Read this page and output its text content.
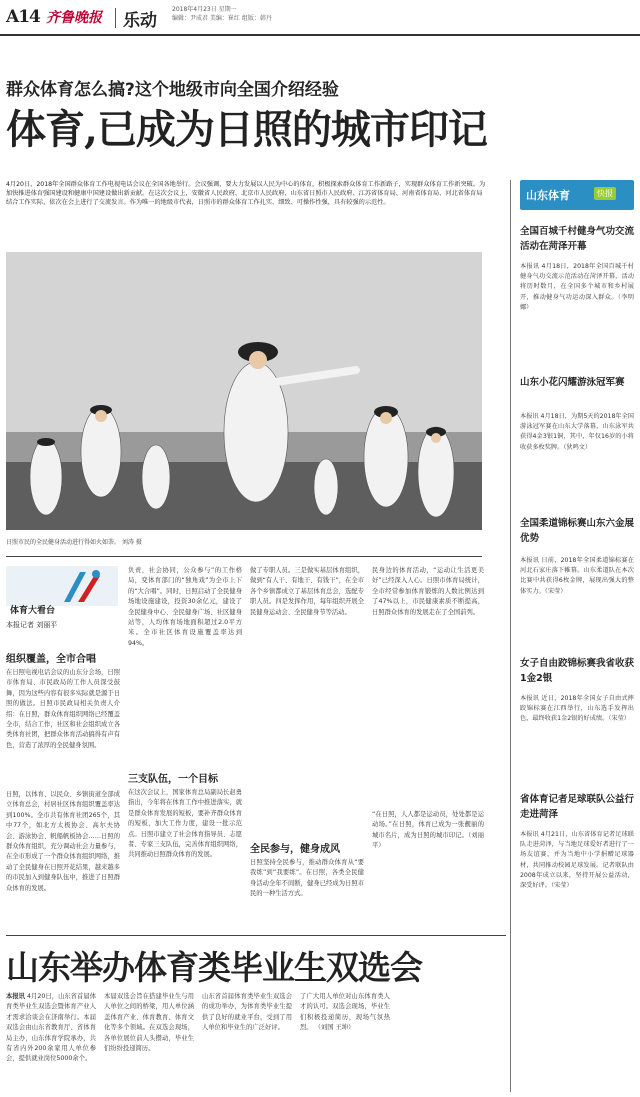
A14 齐鲁晚报 乐动
2018年4月23日 星期一
编辑：尹成君 美编：崔红 组版：韩丹
群众体育怎么搞?这个地级市向全国介绍经验
体育,已成为日照的城市印记
4月20日，2018年全国群众体育工作电视电话会议在全国各地举行。会议强调，要大力发展以人民为中心的体育，积极探索群众体育工作新路子，实现群众体育工作新突破。为加快推进体育强国建设和健康中国建设做出新贡献。在这次会议上，安徽省人民政府、北京市人民政府、山东省日照市人民政府、江苏省体育局、河南省体育局、河北省体育局结合工作实际，依次在会上进行了交流发言。作为唯一的地级市代表，日照市的群众体育工作扎实、细致、可操作性强，具有较强的示范性。
日照市民的全民健身活动进行得如火如荼。 刘涛 摄
体育大看台
本报记者 刘丽平
组织覆盖，全市合唱
在日照电视电话会议的山东分会场，日照市体育局、市民政局的工作人员深受鼓舞，因为这些内容有很多实际就是源于日照的做法。日照市民政局相关负责人介绍：在日照，群众体育组织网络已经覆盖全市，结合工作，社区和社会组织成立各类体育社团，把群众体育活动搞得有声有色，营造了浓厚的全民健身氛围。
日照，以体育、以民众、乡镇街道全部成立体育总会，村居社区体育组织覆盖率达到100%。全市共有体育社团265个，其中77个，如北方太极协会、高尔夫协会、游泳协会、帆船帆板协会……日照的群众体育组织，充分调动社会力量参与，在全市形成了一个群众体育组织网络，推动了全民健身在日照开花结果，越来越多的市民加入到健身队伍中，推进了日照群众体育的发展。
负责，社会协同，公众参与”的工作格局，变体育部门的“独角戏”为全市上下的“大合唱”。同时，日照启动了全民健身场地设施建设，投资30余亿元，建设了全民健身中心、全民健身广场、社区健身站等，人均体育场地面积超过2.0平方米。全市社区体育设施覆盖率达到94%。
三支队伍，一个目标
在这次会议上，国家体育总局副局长赵勇指出，今年将在体育工作中推进落实，就是群众体育发展的短板，要补齐群众体育的短板，加大工作力度，建设一批示范点。日照市建立了社会体育指导员、志愿者、专家三支队伍，完善体育组织网络，共同推动日照群众体育的发展。
做了专职人员。三是做实基层体育组织，做到“有人干、有地干、有钱干”，在全市各个乡镇都成立了基层体育总会，选配专职人员。四是发挥作用，每年组织开展全民健身运动会、全民健身节等活动。
全民参与，健身成风
日照坚持全民参与，推动群众体育从“要我练”到“我要练”。在日照，各类全民健身活动全年不间断，健身已经成为日照市民的一种生活方式。
民身边的体育活动，“运动让生活更美好”已经深入人心。日照市体育局统计，全市经常参加体育锻炼的人数比例达到了47%以上，市民健康素质不断提高，日照群众体育的发展走在了全国前列。
“在日照，人人都是运动员，处处都是运动场。”在日照，体育已成为一张靓丽的城市名片，成为日照的城市印记。（刘丽平）
山东举办体育类毕业生双选会
本报讯 4月20日，山东省首届体育类毕业生双选会暨体育产业人才需求洽谈会在济南举行。本届双选会由山东省教育厅、省体育局主办，山东体育学院承办，共有省内外200余家用人单位参会，提供就业岗位5000余个。
本届双选会旨在搭建毕业生与用人单位之间的桥梁，用人单位涵盖体育产业、体育教育、体育文化等多个领域。在双选会现场，各单位展位前人头攒动，毕业生们纷纷投递简历。
山东省首届体育类毕业生双选会的成功举办，为体育类毕业生提供了良好的就业平台，受到了用人单位和毕业生的广泛好评。
了广大用人单位对山东体育类人才的认可。双选会现场，毕业生们积极投递简历，现场气氛热烈。 （刘国 王坤）
山东体育	快报
全国百城千村健身气功交流活动在菏泽开幕
本报讯 4月18日，2018年全国百城千村健身气功交流示范活动在菏泽开幕，活动将历时数月，在全国多个城市和乡村展开，推动健身气功运动深入群众。（李明娜）
山东小花闪耀游泳冠军赛
本报讯 4月18日，为期5天的2018年全国游泳冠军赛在山东大学落幕，山东泳军共获得4金3银1铜，其中，年仅16岁的小将收获多枚奖牌。（狄鸣文）
全国柔道锦标赛山东六金展优势
本报讯 日前，2018年全国柔道锦标赛在河北石家庄落下帷幕。山东柔道队在本次比赛中共获得6枚金牌，展现出强大的整体实力。（宋莹）
女子自由跤锦标赛我省收获1金2银
本报讯 近日，2018年全国女子自由式摔跤锦标赛在江西举行，山东选手发挥出色，最终收获1金2银的好成绩。（宋莹）
省体育记者足球联队公益行走进菏泽
本报讯 4月21日，山东省体育记者足球联队走进菏泽，与当地足球爱好者进行了一场友谊赛，并为当地中小学捐赠足球器材，共同推动校园足球发展。记者联队由2008年成立以来，坚持开展公益活动，深受好评。（宋莹）
